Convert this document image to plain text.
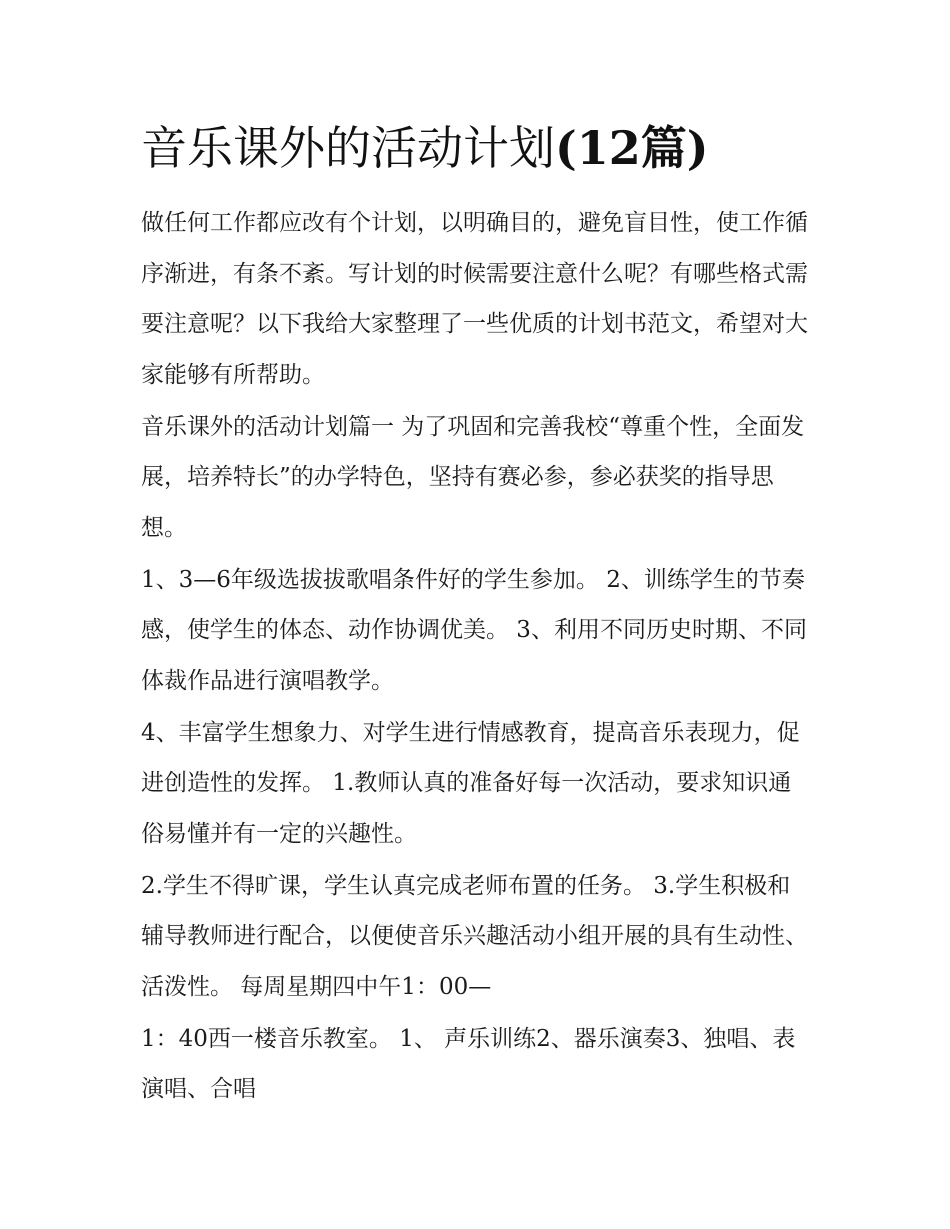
音乐课外的活动计划(12篇)

做任何工作都应改有个计划，以明确目的，避免盲目性，使工作循序渐进，有条不紊。写计划的时候需要注意什么呢？有哪些格式需要注意呢？以下我给大家整理了一些优质的计划书范文，希望对大家能够有所帮助。

音乐课外的活动计划篇一 为了巩固和完善我校“尊重个性，全面发展，培养特长”的办学特色，坚持有赛必参，参必获奖的指导思想。

1、3—6年级选拔拔歌唱条件好的学生参加。 2、训练学生的节奏感，使学生的体态、动作协调优美。 3、利用不同历史时期、不同体裁作品进行演唱教学。

4、丰富学生想象力、对学生进行情感教育，提高音乐表现力，促进创造性的发挥。 1.教师认真的准备好每一次活动，要求知识通俗易懂并有一定的兴趣性。

2.学生不得旷课，学生认真完成老师布置的任务。 3.学生积极和辅导教师进行配合，以便使音乐兴趣活动小组开展的具有生动性、活泼性。 每周星期四中午1：00—

1：40西一楼音乐教室。 1、 声乐训练2、器乐演奏3、独唱、表演唱、合唱
